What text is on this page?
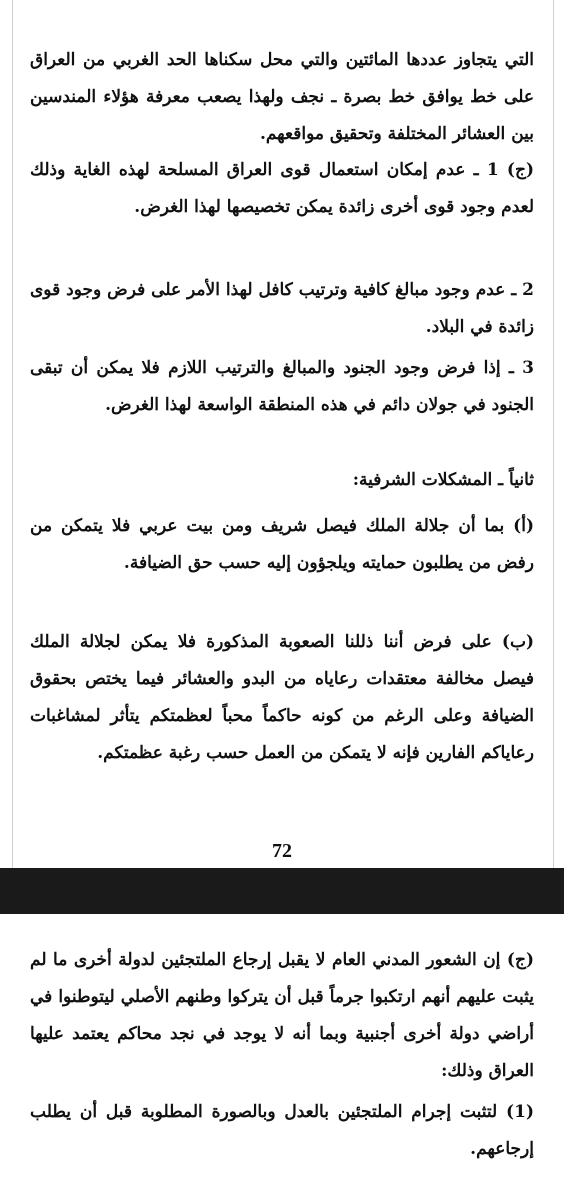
التي يتجاوز عددها المائتين والتي محل سكناها الحد الغربي من العراق على خط يوافق خط بصرة ـ نجف ولهذا يصعب معرفة هؤلاء المندسين بين العشائر المختلفة وتحقيق مواقعهم.

(ج) 1 ـ عدم إمكان استعمال قوى العراق المسلحة لهذه الغاية وذلك لعدم وجود قوى أخرى زائدة يمكن تخصيصها لهذا الغرض.

2 ـ عدم وجود مبالغ كافية وترتيب كافل لهذا الأمر على فرض وجود قوى زائدة في البلاد.

3 ـ إذا فرض وجود الجنود والمبالغ والترتيب اللازم فلا يمكن أن تبقى الجنود في جولان دائم في هذه المنطقة الواسعة لهذا الغرض.

ثانياً ـ المشكلات الشرفية:

(أ) بما أن جلالة الملك فيصل شريف ومن بيت عربي فلا يتمكن من رفض من يطلبون حمايته ويلجؤون إليه حسب حق الضيافة.

(ب) على فرض أننا ذللنا الصعوبة المذكورة فلا يمكن لجلالة الملك فيصل مخالفة معتقدات رعاياه من البدو والعشائر فيما يختص بحقوق الضيافة وعلى الرغم من كونه حاكماً محباً لعظمتكم يتأثر لمشاغبات رعاياكم الفارين فإنه لا يتمكن من العمل حسب رغبة عظمتكم.

72

(ج) إن الشعور المدني العام لا يقبل إرجاع الملتجئين لدولة أخرى ما لم يثبت عليهم أنهم ارتكبوا جرماً قبل أن يتركوا وطنهم الأصلي ليتوطنوا في أراضي دولة أخرى أجنبية وبما أنه لا يوجد في نجد محاكم يعتمد عليها العراق وذلك:

(1) لتثبت إجرام الملتجئين بالعدل وبالصورة المطلوبة قبل أن يطلب إرجاعهم.
